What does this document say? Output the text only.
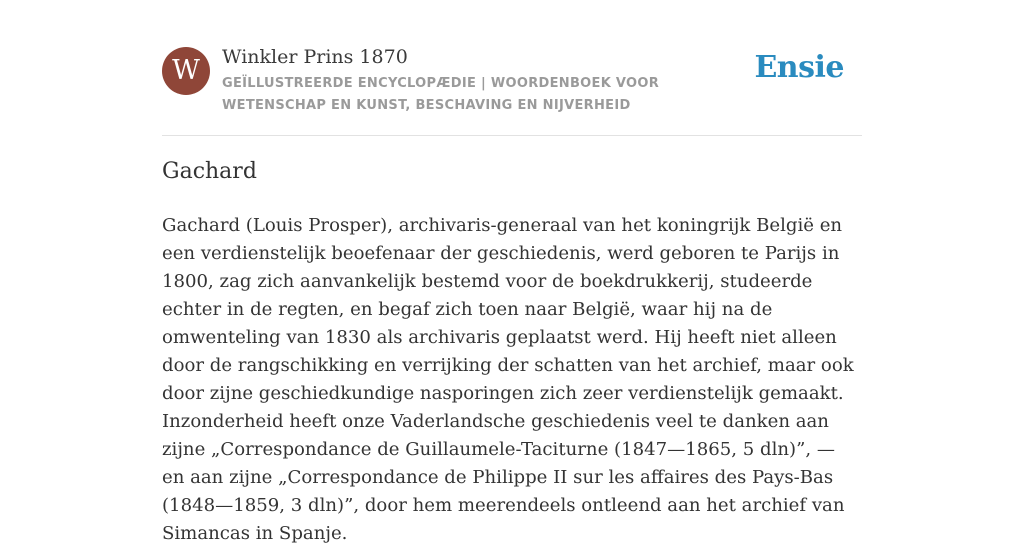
W	Winkler Prins 1870
GEÏLLUSTREERDE ENCYCLOPÆDIE | WOORDENBOEK VOOR WETENSCHAP EN KUNST, BESCHAVING EN NIJVERHEID
Ensie
Gachard

Gachard (Louis Prosper), archivaris-generaal van het koningrijk België en een verdienstelijk beoefenaar der geschiedenis, werd geboren te Parijs in 1800, zag zich aanvankelijk bestemd voor de boekdrukkerij, studeerde echter in de regten, en begaf zich toen naar België, waar hij na de omwenteling van 1830 als archivaris geplaatst werd. Hij heeft niet alleen door de rangschikking en verrijking der schatten van het archief, maar ook door zijne geschiedkundige nasporingen zich zeer verdienstelijk gemaakt. Inzonderheid heeft onze Vaderlandsche geschiedenis veel te danken aan zijne „Correspondance de Guillaumele-Taciturne (1847—1865, 5 dln)”, — en aan zijne „Correspondance de Philippe II sur les affaires des Pays-Bas (1848—1859, 3 dln)”, door hem meerendeels ontleend aan het archief van Simancas in Spanje.
